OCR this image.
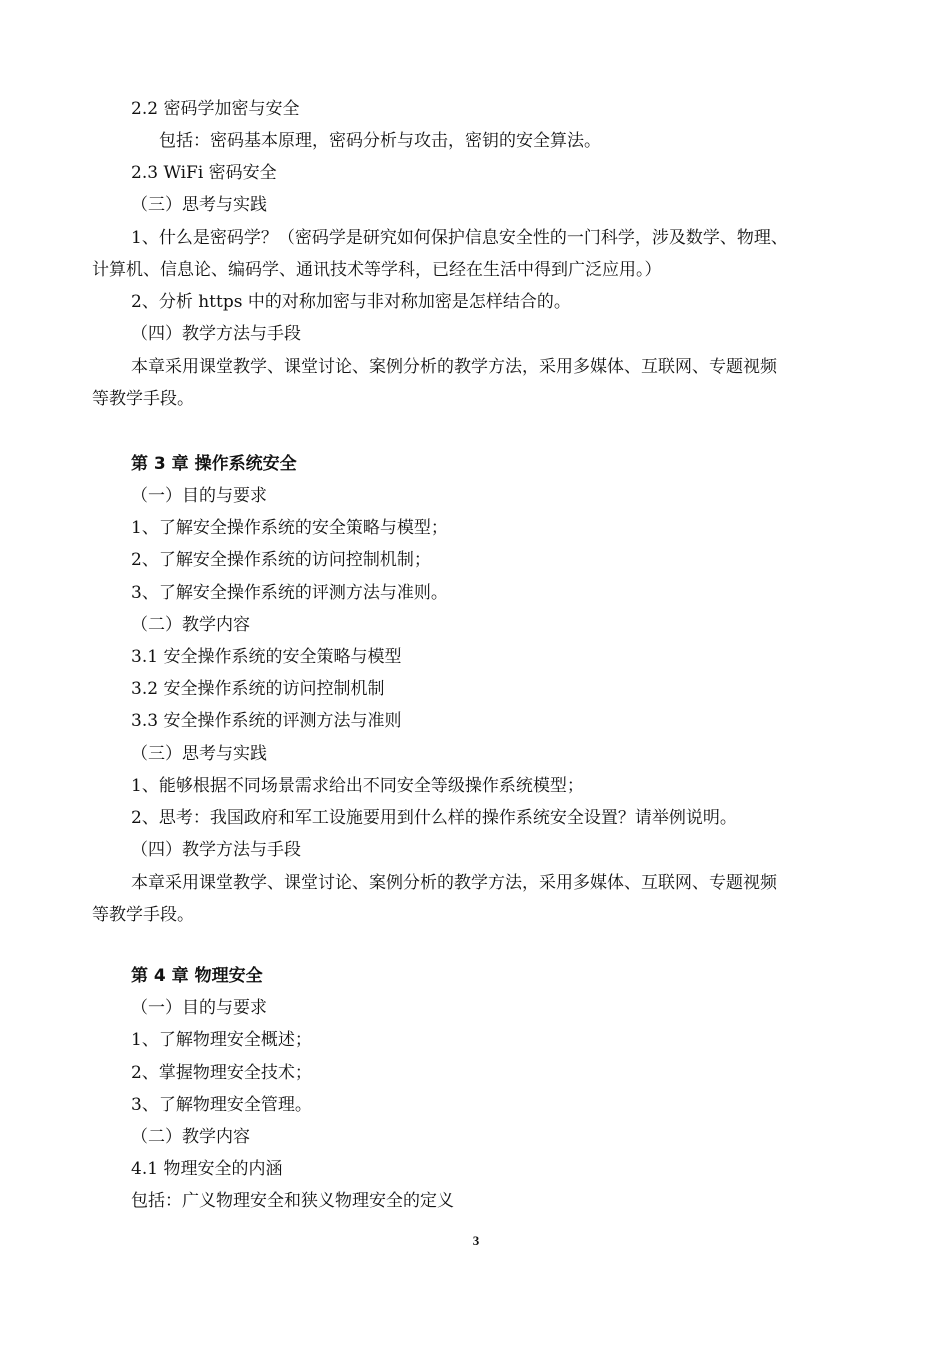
2.2 密码学加密与安全
包括：密码基本原理，密码分析与攻击，密钥的安全算法。
2.3 WiFi 密码安全
（三）思考与实践
1、什么是密码学？（密码学是研究如何保护信息安全性的一门科学，涉及数学、物理、
计算机、信息论、编码学、通讯技术等学科，已经在生活中得到广泛应用。）
2、分析 https 中的对称加密与非对称加密是怎样结合的。
（四）教学方法与手段
本章采用课堂教学、课堂讨论、案例分析的教学方法，采用多媒体、互联网、专题视频
等教学手段。
第 3 章 操作系统安全
（一）目的与要求
1、了解安全操作系统的安全策略与模型；
2、了解安全操作系统的访问控制机制；
3、了解安全操作系统的评测方法与准则。
（二）教学内容
3.1 安全操作系统的安全策略与模型
3.2 安全操作系统的访问控制机制
3.3 安全操作系统的评测方法与准则
（三）思考与实践
1、能够根据不同场景需求给出不同安全等级操作系统模型；
2、思考：我国政府和军工设施要用到什么样的操作系统安全设置？请举例说明。
（四）教学方法与手段
本章采用课堂教学、课堂讨论、案例分析的教学方法，采用多媒体、互联网、专题视频
等教学手段。
第 4 章 物理安全
（一）目的与要求
1、了解物理安全概述；
2、掌握物理安全技术；
3、了解物理安全管理。
（二）教学内容
4.1 物理安全的内涵
包括：广义物理安全和狭义物理安全的定义
3
